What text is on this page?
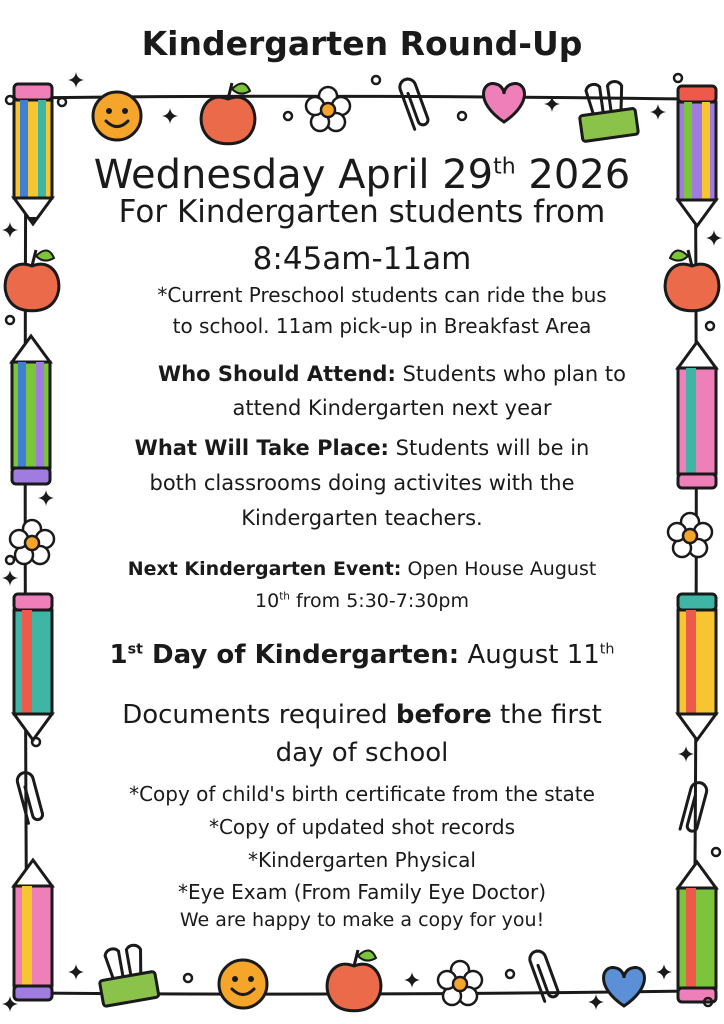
Kindergarten Round-Up

Wednesday April 29th 2026

For Kindergarten students from

8:45am-11am

*Current Preschool students can ride the bus

to school. 11am pick-up in Breakfast Area

Who Should Attend: Students who plan to

attend Kindergarten next year

What Will Take Place: Students will be in

both classrooms doing activites with the

Kindergarten teachers.

Next Kindergarten Event: Open House August

10th from 5:30-7:30pm

1st Day of Kindergarten: August 11th

Documents required before the first

day of school

*Copy of child's birth certificate from the state

*Copy of updated shot records

*Kindergarten Physical

*Eye Exam (From Family Eye Doctor)

We are happy to make a copy for you!
